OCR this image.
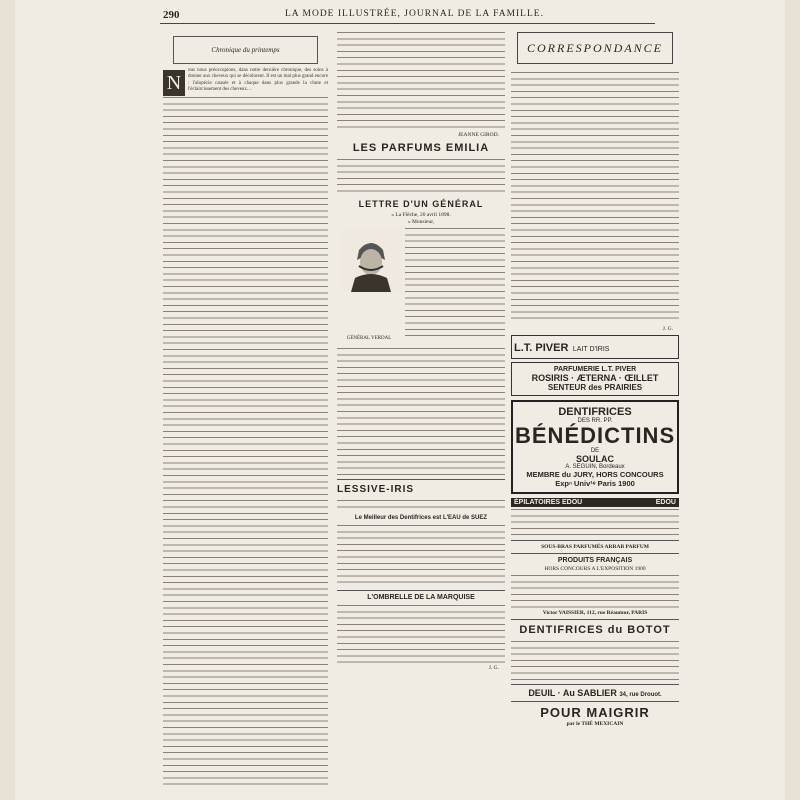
290	LA MODE ILLUSTRÉE, JOURNAL DE LA FAMILLE.
Chronique du printemps
N

ous nous préoccupions, dans notre dernière chronique, des soins à donner aux cheveux qui se décolorent. Il est un mal plus grand encore : l'alopécie causée et à chaque dans plus grande la chute et l'éclaircissement des cheveux…

JEANNE GIROD.
LES PARFUMS EMILIA
LETTRE D'UN GÉNÉRAL
« La Flèche, 20 avril 1898.
« Monsieur,
GÉNÉRAL VERDAL
LESSIVE-IRIS
Le Meilleur des Dentifrices est L'EAU de SUEZ
L'OMBRELLE DE LA MARQUISE
J. G.
CORRESPONDANCE
J. G.
L.T. PIVER LAIT D'IRIS
PARFUMERIE L.T. PIVER
ROSIRIS · ÆTERNA · ŒILLET
SENTEUR des PRAIRIES
DENTIFRICES
DES RR. PP.
BÉNÉDICTINS
DE
SOULAC
A. SEGUIN, Bordeaux
MEMBRE du JURY, HORS CONCOURS
Expⁿ Univ¹ᵉ Paris 1900
ÉPILATOIRES EDOU	EDOU
SOUS-BRAS PARFUMÉS ARRAB PARFUM
PRODUITS FRANÇAIS
HORS CONCOURS A L'EXPOSITION 1900
Victor VAISSIER, 112, rue Réaumur, PARIS
DENTIFRICES du BOTOT
DEUIL · Au SABLIER 34, rue Drouot.
POUR MAIGRIR
par le THÉ MEXICAIN
